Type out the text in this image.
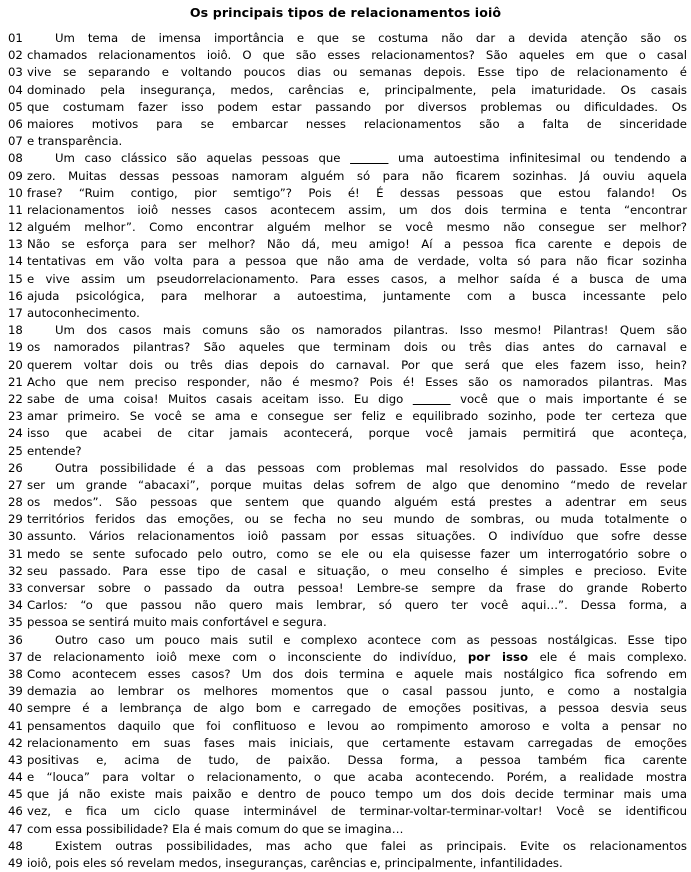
Os principais tipos de relacionamentos ioiô
01	Um tema de imensa importância e que se costuma não dar a devida atenção são os
02 chamados relacionamentos ioiô. O que são esses relacionamentos? São aqueles em que o casal
03 vive se separando e voltando poucos dias ou semanas depois. Esse tipo de relacionamento é
04 dominado pela insegurança, medos, carências e, principalmente, pela imaturidade. Os casais
05 que costumam fazer isso podem estar passando por diversos problemas ou dificuldades. Os
06 maiores motivos para se embarcar nesses relacionamentos são a falta de sinceridade
07 e transparência.
08	Um caso clássico são aquelas pessoas que	uma autoestima infinitesimal ou tendendo a
09 zero. Muitas dessas pessoas namoram alguém só para não ficarem sozinhas. Já ouviu aquela
10 frase? “Ruim contigo, pior semtigo”? Pois é! É dessas pessoas que estou falando! Os
11 relacionamentos ioiô nesses casos acontecem assim, um dos dois termina e tenta “encontrar
12 alguém melhor”. Como encontrar alguém melhor se você mesmo não consegue ser melhor?
13 Não se esforça para ser melhor? Não dá, meu amigo! Aí a pessoa fica carente e depois de
14 tentativas em vão volta para a pessoa que não ama de verdade, volta só para não ficar sozinha
15 e vive assim um pseudorrelacionamento. Para esses casos, a melhor saída é a busca de uma
16 ajuda psicológica, para melhorar a autoestima, juntamente com a busca incessante pelo
17 autoconhecimento.
18	Um dos casos mais comuns são os namorados pilantras. Isso mesmo! Pilantras! Quem são
19 os namorados pilantras? São aqueles que terminam dois ou três dias antes do carnaval e
20 querem voltar dois ou três dias depois do carnaval. Por que será que eles fazem isso, hein?
21 Acho que nem preciso responder, não é mesmo? Pois é! Esses são os namorados pilantras. Mas
22 sabe de uma coisa! Muitos casais aceitam isso. Eu digo	você que o mais importante é se
23 amar primeiro. Se você se ama e consegue ser feliz e equilibrado sozinho, pode ter certeza que
24 isso que acabei de citar jamais acontecerá, porque você jamais permitirá que aconteça,
25 entende?
26	Outra possibilidade é a das pessoas com problemas mal resolvidos do passado. Esse pode
27 ser um grande “abacaxi”, porque muitas delas sofrem de algo que denomino “medo de revelar
28 os medos”. São pessoas que sentem que quando alguém está prestes a adentrar em seus
29 territórios feridos das emoções, ou se fecha no seu mundo de sombras, ou muda totalmente o
30 assunto. Vários relacionamentos ioiô passam por essas situações. O indivíduo que sofre desse
31 medo se sente sufocado pelo outro, como se ele ou ela quisesse fazer um interrogatório sobre o
32 seu passado. Para esse tipo de casal e situação, o meu conselho é simples e precioso. Evite
33 conversar sobre o passado da outra pessoa! Lembre-se sempre da frase do grande Roberto
34 Carlos: “o que passou não quero mais lembrar, só quero ter você aqui…”. Dessa forma, a
35 pessoa se sentirá muito mais confortável e segura.
36	Outro caso um pouco mais sutil e complexo acontece com as pessoas nostálgicas. Esse tipo
37 de relacionamento ioiô mexe com o inconsciente do indivíduo, por isso ele é mais complexo.
38 Como acontecem esses casos? Um dos dois termina e aquele mais nostálgico fica sofrendo em
39 demazia ao lembrar os melhores momentos que o casal passou junto, e como a nostalgia
40 sempre é a lembrança de algo bom e carregado de emoções positivas, a pessoa desvia seus
41 pensamentos daquilo que foi conflituoso e levou ao rompimento amoroso e volta a pensar no
42 relacionamento em suas fases mais iniciais, que certamente estavam carregadas de emoções
43 positivas e, acima de tudo, de paixão. Dessa forma, a pessoa também fica carente
44 e “louca” para voltar o relacionamento, o que acaba acontecendo. Porém, a realidade mostra
45 que já não existe mais paixão e dentro de pouco tempo um dos dois decide terminar mais uma
46 vez, e fica um ciclo quase interminável de terminar-voltar-terminar-voltar! Você se identificou
47 com essa possibilidade? Ela é mais comum do que se imagina…
48	Existem outras possibilidades, mas acho que falei as principais. Evite os relacionamentos
49 ioiô, pois eles só revelam medos, inseguranças, carências e, principalmente, infantilidades.
